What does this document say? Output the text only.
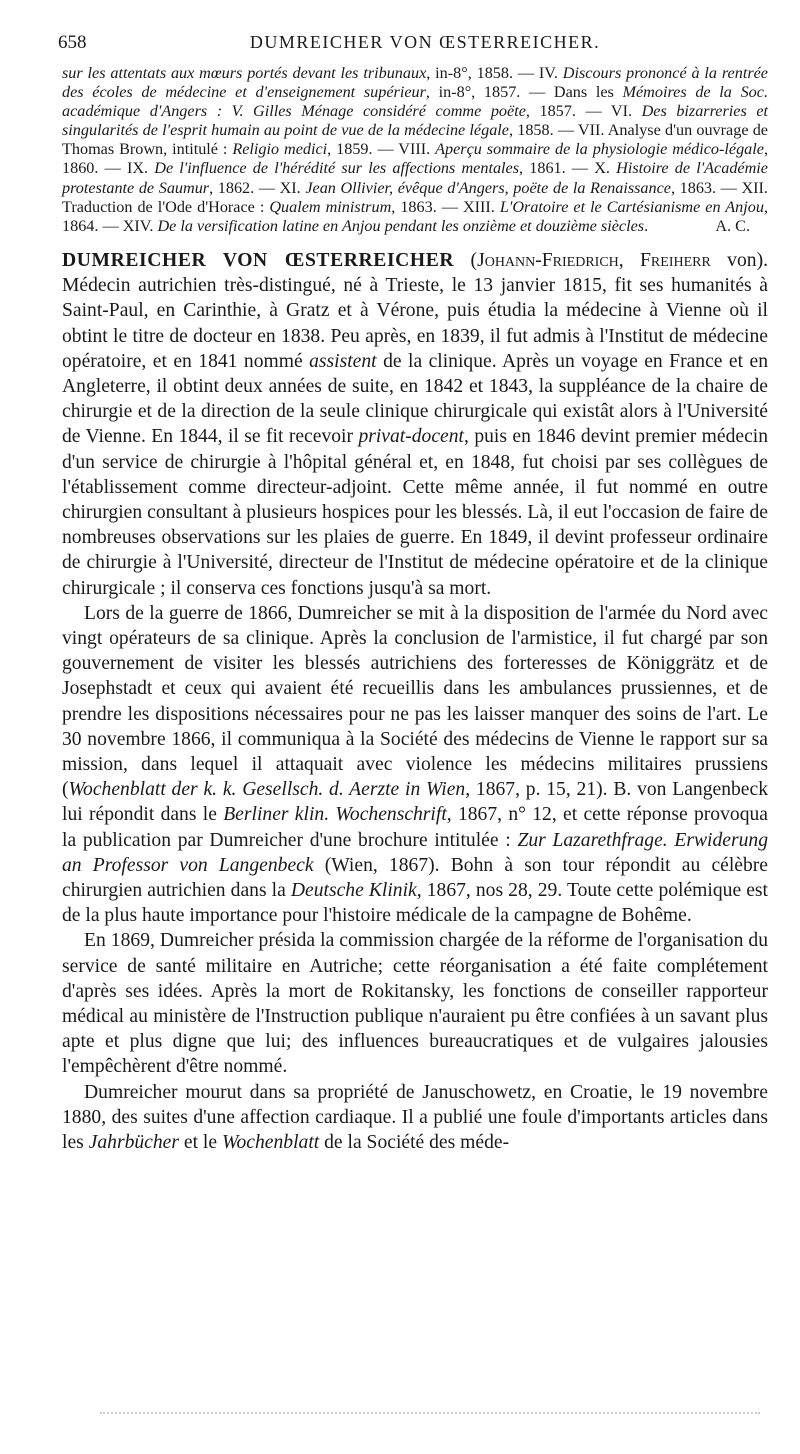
658	DUMREICHER VON ŒSTERREICHER.

sur les attentats aux mœurs portés devant les tribunaux, in-8°, 1858. — IV. Discours prononcé à la rentrée des écoles de médecine et d'enseignement supérieur, in-8°, 1857. — Dans les Mémoires de la Soc. académique d'Angers : V. Gilles Ménage considéré comme poëte, 1857. — VI. Des bizarreries et singularités de l'esprit humain au point de vue de la médecine légale, 1858. — VII. Analyse d'un ouvrage de Thomas Brown, intitulé : Religio medici, 1859. — VIII. Aperçu sommaire de la physiologie médico-légale, 1860. — IX. De l'influence de l'hérédité sur les affections mentales, 1861. — X. Histoire de l'Académie protestante de Saumur, 1862. — XI. Jean Ollivier, évêque d'Angers, poëte de la Renaissance, 1863. — XII. Traduction de l'Ode d'Horace : Qualem ministrum, 1863. — XIII. L'Oratoire et le Cartésianisme en Anjou, 1864. — XIV. De la versification latine en Anjou pendant les onzième et douzième siècles.	A. C.

DUMREICHER VON ŒSTERREICHER (Johann-Friedrich, Freiherr von). Médecin autrichien très-distingué, né à Trieste, le 13 janvier 1815, fit ses humanités à Saint-Paul, en Carinthie, à Gratz et à Vérone, puis étudia la médecine à Vienne où il obtint le titre de docteur en 1838. Peu après, en 1839, il fut admis à l'Institut de médecine opératoire, et en 1841 nommé assistent de la clinique. Après un voyage en France et en Angleterre, il obtint deux années de suite, en 1842 et 1843, la suppléance de la chaire de chirurgie et de la direction de la seule clinique chirurgicale qui existât alors à l'Université de Vienne. En 1844, il se fit recevoir privat-docent, puis en 1846 devint premier médecin d'un service de chirurgie à l'hôpital général et, en 1848, fut choisi par ses collègues de l'établissement comme directeur-adjoint. Cette même année, il fut nommé en outre chirurgien consultant à plusieurs hospices pour les blessés. Là, il eut l'occasion de faire de nombreuses observations sur les plaies de guerre. En 1849, il devint professeur ordinaire de chirurgie à l'Université, directeur de l'Institut de médecine opératoire et de la clinique chirurgicale ; il conserva ces fonctions jusqu'à sa mort.

Lors de la guerre de 1866, Dumreicher se mit à la disposition de l'armée du Nord avec vingt opérateurs de sa clinique. Après la conclusion de l'armistice, il fut chargé par son gouvernement de visiter les blessés autrichiens des forteresses de Königgrätz et de Josephstadt et ceux qui avaient été recueillis dans les ambulances prussiennes, et de prendre les dispositions nécessaires pour ne pas les laisser manquer des soins de l'art. Le 30 novembre 1866, il communiqua à la Société des médecins de Vienne le rapport sur sa mission, dans lequel il attaquait avec violence les médecins militaires prussiens (Wochenblatt der k. k. Gesellsch. d. Aerzte in Wien, 1867, p. 15, 21). B. von Langenbeck lui répondit dans le Berliner klin. Wochenschrift, 1867, n° 12, et cette réponse provoqua la publication par Dumreicher d'une brochure intitulée : Zur Lazarethfrage. Erwiderung an Professor von Langenbeck (Wien, 1867). Bohn à son tour répondit au célèbre chirurgien autrichien dans la Deutsche Klinik, 1867, nos 28, 29. Toute cette polémique est de la plus haute importance pour l'histoire médicale de la campagne de Bohême.

En 1869, Dumreicher présida la commission chargée de la réforme de l'organisation du service de santé militaire en Autriche; cette réorganisation a été faite complétement d'après ses idées. Après la mort de Rokitansky, les fonctions de conseiller rapporteur médical au ministère de l'Instruction publique n'auraient pu être confiées à un savant plus apte et plus digne que lui; des influences bureaucratiques et de vulgaires jalousies l'empêchèrent d'être nommé.

Dumreicher mourut dans sa propriété de Januschowetz, en Croatie, le 19 novembre 1880, des suites d'une affection cardiaque. Il a publié une foule d'importants articles dans les Jahrbücher et le Wochenblatt de la Société des méde-
